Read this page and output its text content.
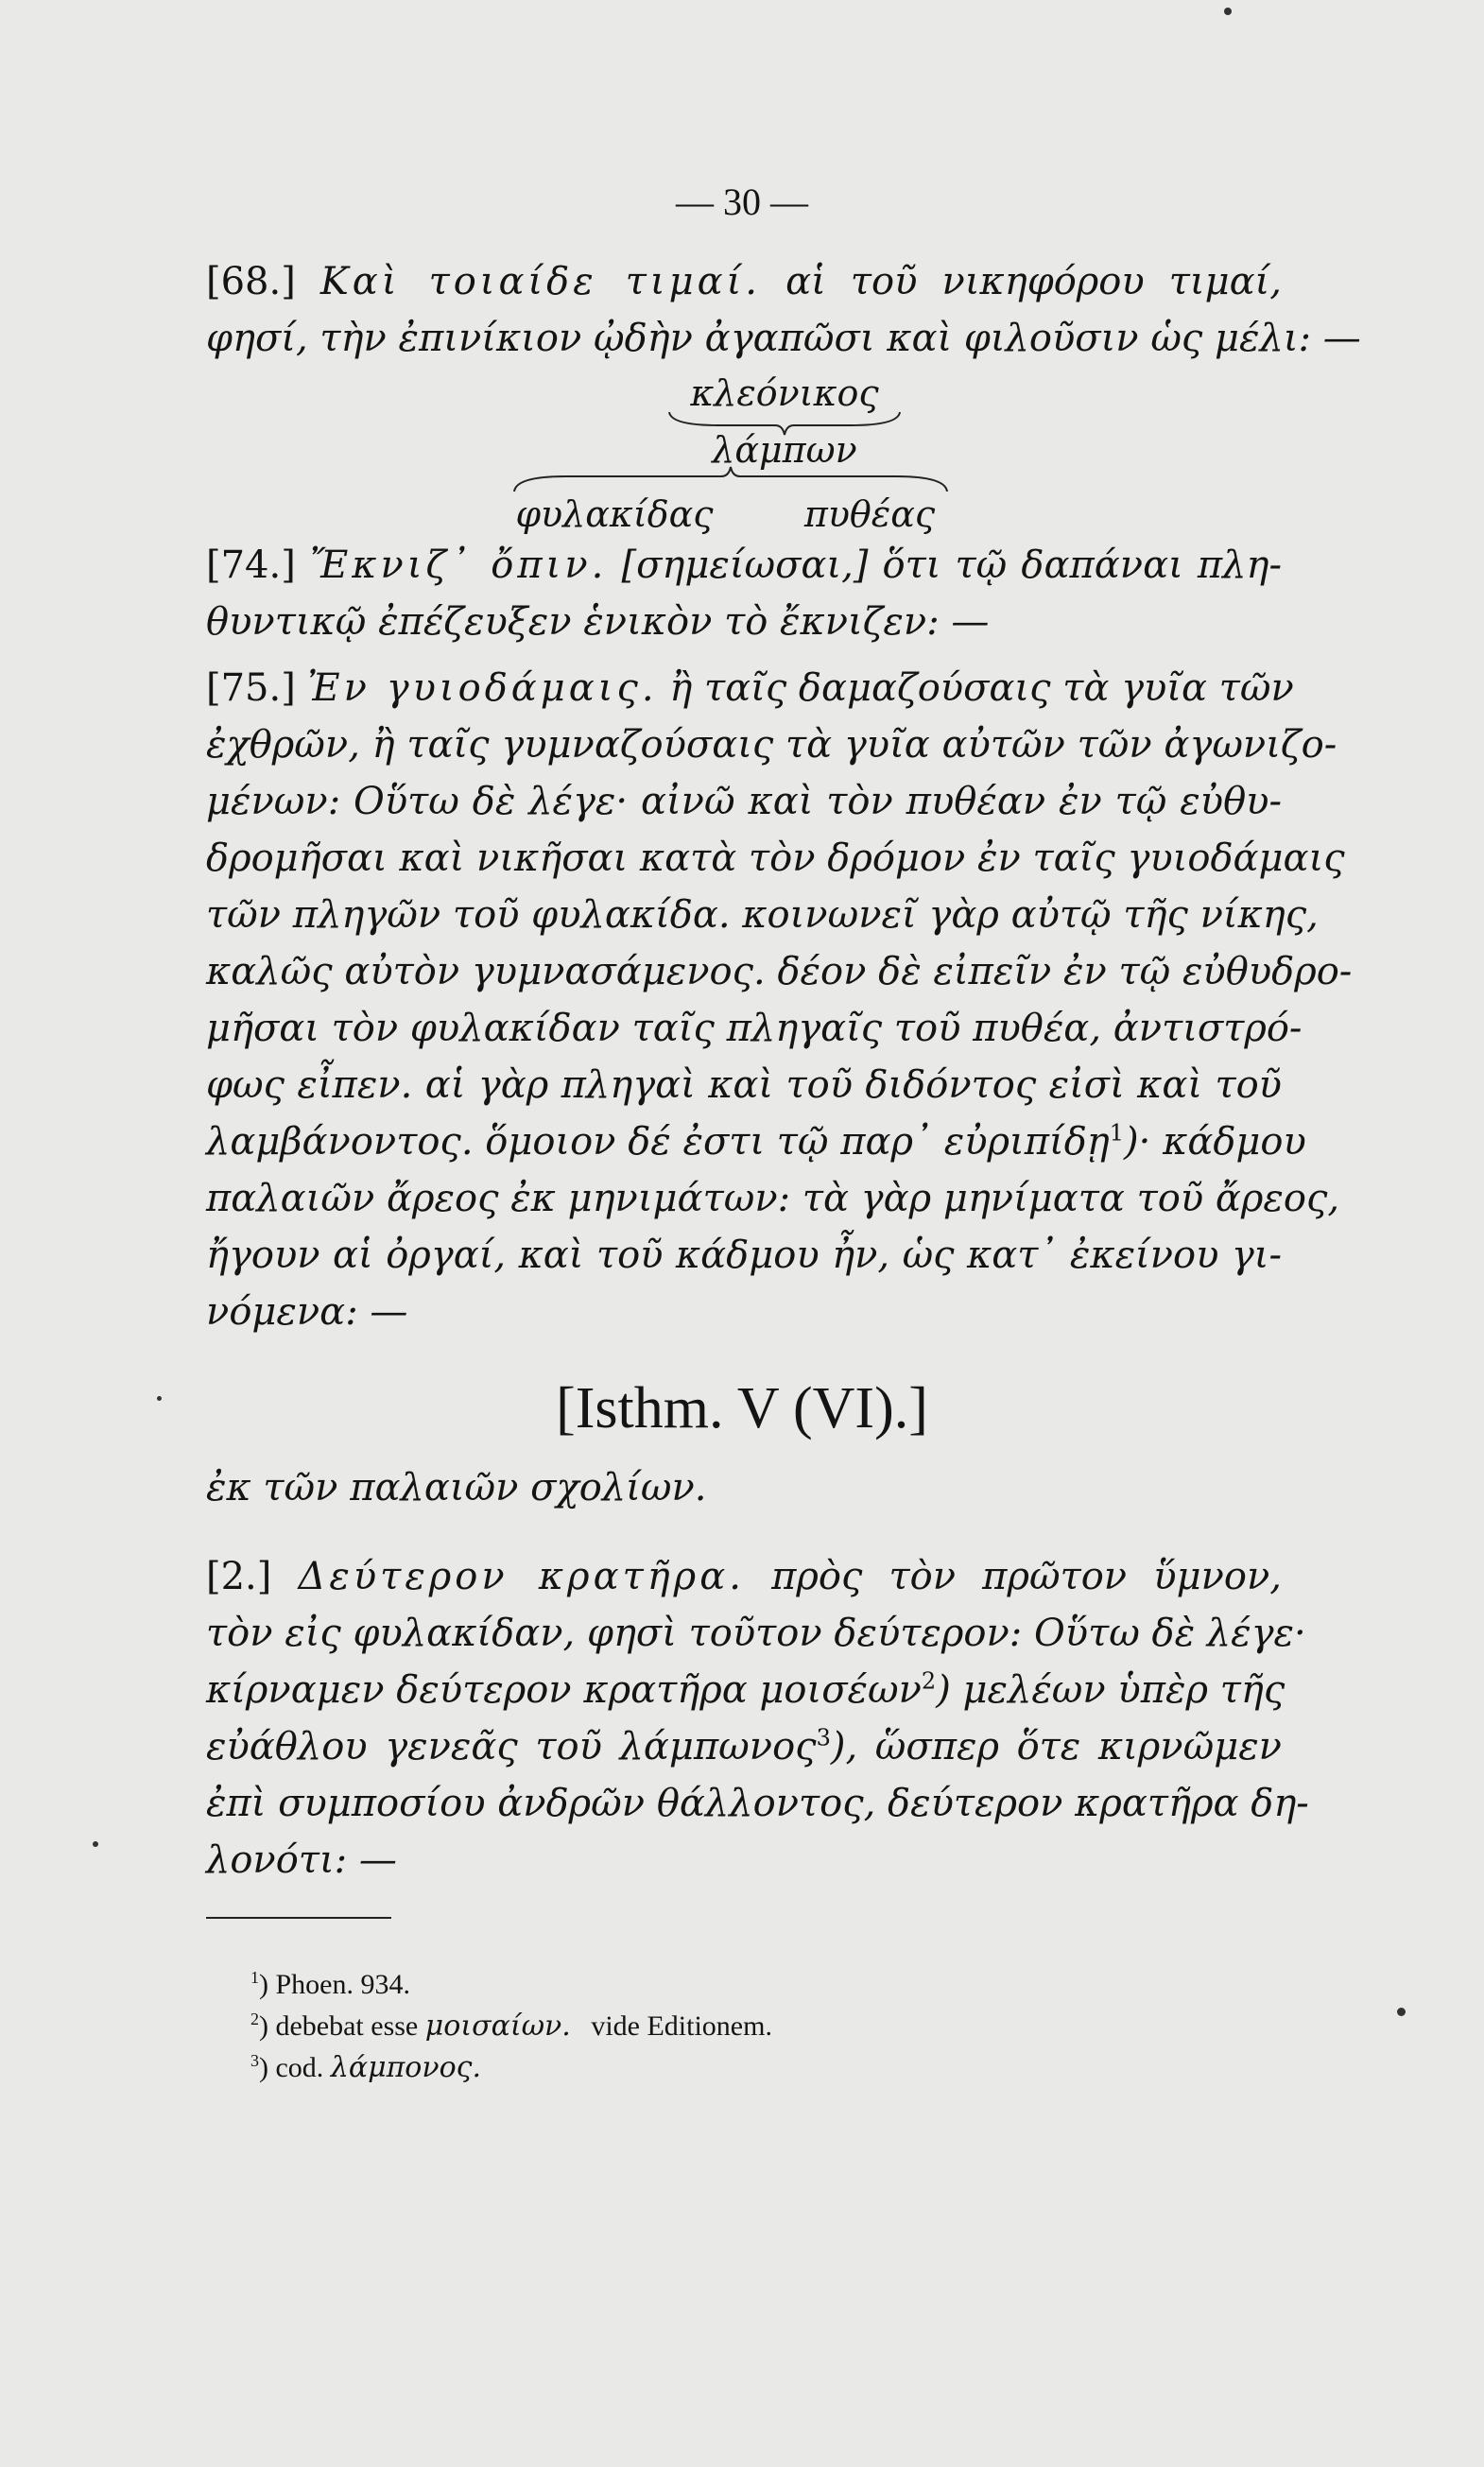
— 30 —
[68.] Καὶ τοιαίδε τιμαί. αἱ τοῦ νικηφόρου τιμαί,
φησί, τὴν ἐπινίκιον ᾠδὴν ἀγαπῶσι καὶ φιλοῦσιν ὡς μέλι: —
κλεόνικος
λάμπων
φυλακίδας	πυθέας
[74.] Ἔκνιζ᾽ ὄπιν. [σημείωσαι,] ὅτι τῷ δαπάναι πλη-
θυντικῷ ἐπέζευξεν ἑνικὸν τὸ ἔκνιζεν: —
[75.] Ἐν γυιοδάμαις. ἢ ταῖς δαμαζούσαις τὰ γυῖα τῶν
ἐχθρῶν, ἢ ταῖς γυμναζούσαις τὰ γυῖα αὐτῶν τῶν ἀγωνιζο-
μένων: Οὕτω δὲ λέγε· αἰνῶ καὶ τὸν πυθέαν ἐν τῷ εὐθυ-
δρομῆσαι καὶ νικῆσαι κατὰ τὸν δρόμον ἐν ταῖς γυιοδάμαις
τῶν πληγῶν τοῦ φυλακίδα. κοινωνεῖ γὰρ αὐτῷ τῆς νίκης,
καλῶς αὐτὸν γυμνασάμενος. δέον δὲ εἰπεῖν ἐν τῷ εὐθυδρο-
μῆσαι τὸν φυλακίδαν ταῖς πληγαῖς τοῦ πυθέα, ἀντιστρό-
φως εἶπεν. αἱ γὰρ πληγαὶ καὶ τοῦ διδόντος εἰσὶ καὶ τοῦ
λαμβάνοντος. ὅμοιον δέ ἐστι τῷ παρ᾽ εὐριπίδῃ$^1$)· κάδμου
παλαιῶν ἄρεος ἐκ μηνιμάτων: τὰ γὰρ μηνίματα τοῦ ἄρεος,
ἤγουν αἱ ὀργαί, καὶ τοῦ κάδμου ἦν, ὡς κατ᾽ ἐκείνου γι-
νόμενα: —
[Isthm. V (VI).]
ἐκ τῶν παλαιῶν σχολίων.
[2.] Δεύτερον κρατῆρα. πρὸς τὸν πρῶτον ὕμνον,
τὸν εἰς φυλακίδαν, φησὶ τοῦτον δεύτερον: Οὕτω δὲ λέγε·
κίρναμεν δεύτερον κρατῆρα μοισέων$^2$) μελέων ὑπὲρ τῆς
εὐάθλου γενεᾶς τοῦ λάμπωνος$^3$), ὥσπερ ὅτε κιρνῶμεν
ἐπὶ συμποσίου ἀνδρῶν θάλλοντος, δεύτερον κρατῆρα δη-
λονότι: —
$^1$) Phoen. 934.
$^2$) debebat esse μοισαίων. vide Editionem.
$^3$) cod. λάμπονος.
